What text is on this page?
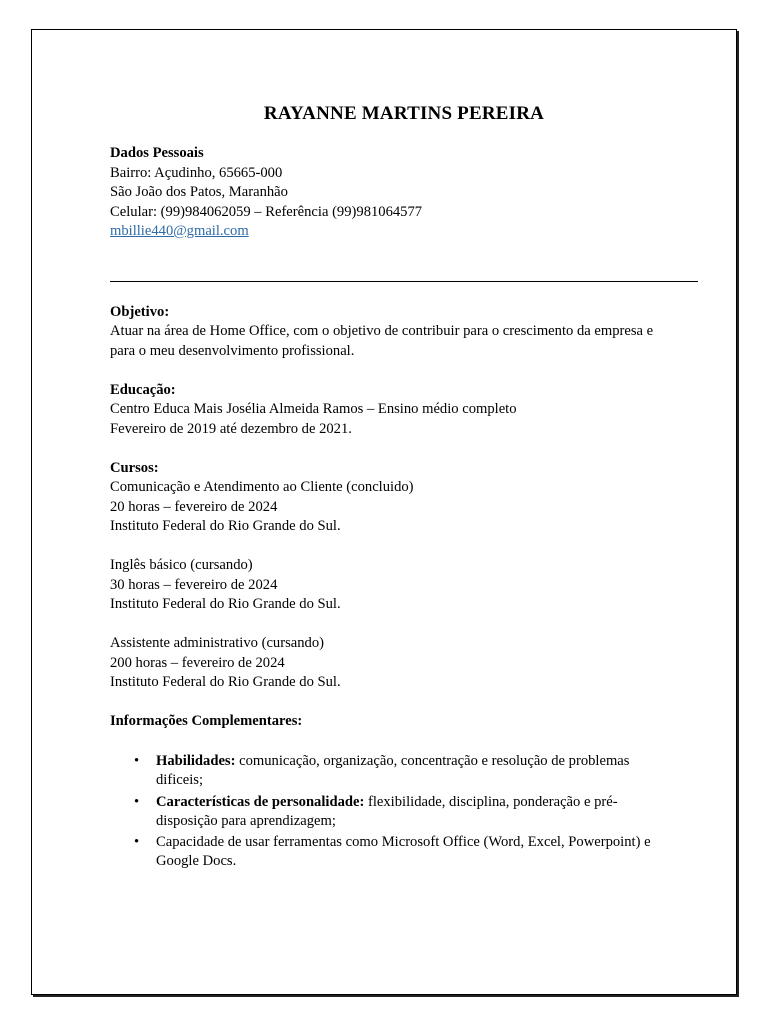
RAYANNE MARTINS PEREIRA
Dados Pessoais
Bairro: Açudinho, 65665-000
São João dos Patos, Maranhão
Celular: (99)984062059 – Referência (99)981064577
mbillie440@gmail.com
Objetivo:
Atuar na área de Home Office, com o objetivo de contribuir para o crescimento da empresa e
para o meu desenvolvimento profissional.
Educação:
Centro Educa Mais Josélia Almeida Ramos – Ensino médio completo
Fevereiro de 2019 até dezembro de 2021.
Cursos:
Comunicação e Atendimento ao Cliente (concluido)
20 horas – fevereiro de 2024
Instituto Federal do Rio Grande do Sul.
Inglês básico (cursando)
30 horas – fevereiro de 2024
Instituto Federal do Rio Grande do Sul.
Assistente administrativo (cursando)
200 horas – fevereiro de 2024
Instituto Federal do Rio Grande do Sul.
Informações Complementares:
• Habilidades: comunicação, organização, concentração e resolução de problemas
dificeis;
• Características de personalidade: flexibilidade, disciplina, ponderação e pré-
disposição para aprendizagem;
• Capacidade de usar ferramentas como Microsoft Office (Word, Excel, Powerpoint) e
Google Docs.
